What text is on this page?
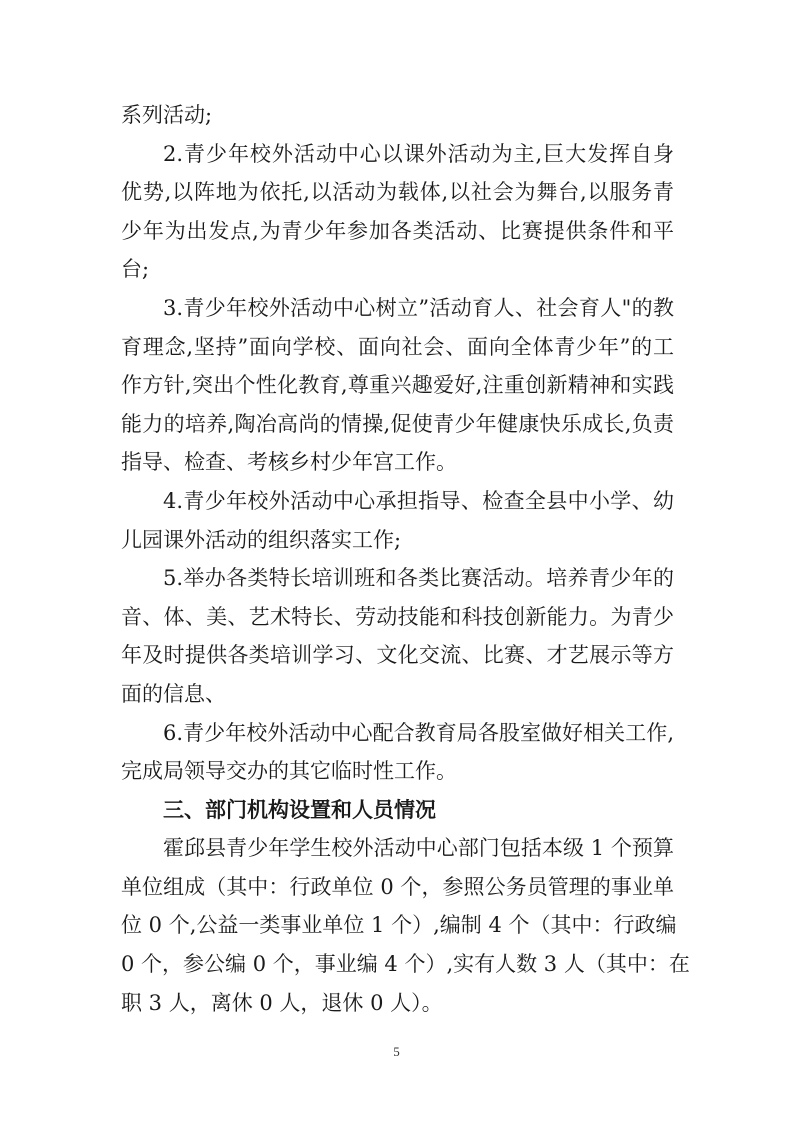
系列活动;
2.青少年校外活动中心以课外活动为主,巨大发挥自身
优势,以阵地为依托,以活动为载体,以社会为舞台,以服务青
少年为出发点,为青少年参加各类活动、比赛提供条件和平
台;
3.青少年校外活动中心树立”活动育人、社会育人"的教
育理念,坚持”面向学校、面向社会、面向全体青少年”的工
作方针,突出个性化教育,尊重兴趣爱好,注重创新精神和实践
能力的培养,陶冶高尚的情操,促使青少年健康快乐成长,负责
指导、检查、考核乡村少年宫工作。
4.青少年校外活动中心承担指导、检查全县中小学、幼
儿园课外活动的组织落实工作;
5.举办各类特长培训班和各类比赛活动。培养青少年的
音、体、美、艺术特长、劳动技能和科技创新能力。为青少
年及时提供各类培训学习、文化交流、比赛、才艺展示等方
面的信息、
6.青少年校外活动中心配合教育局各股室做好相关工作,
完成局领导交办的其它临时性工作。
三、部门机构设置和人员情况
霍邱县青少年学生校外活动中心部门包括本级 1 个预算
单位组成（其中：行政单位 0 个，参照公务员管理的事业单
位 0 个,公益一类事业单位 1 个）,编制 4 个（其中：行政编
0 个，参公编 0 个，事业编 4 个）,实有人数 3 人（其中：在
职 3 人，离休 0 人，退休 0 人）。
5
